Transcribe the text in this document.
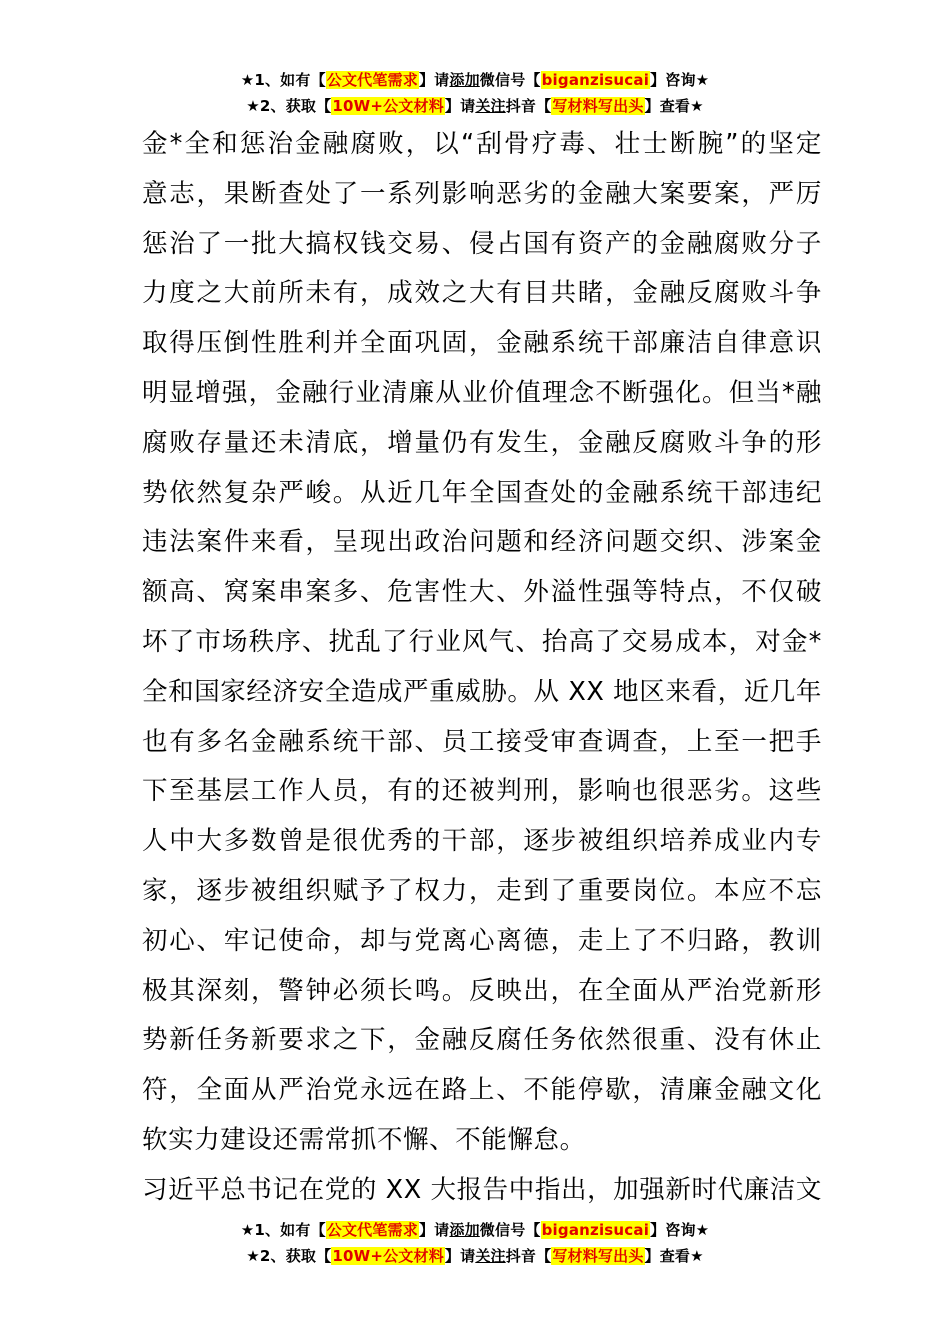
★1、如有【公文代笔需求】请添加微信号【biganzisucai】咨询★
★2、获取【10W+公文材料】请关注抖音【写材料写出头】查看★
金*全和惩治金融腐败，以“刮骨疗毒、壮士断腕”的坚定
意志，果断查处了一系列影响恶劣的金融大案要案，严厉
惩治了一批大搞权钱交易、侵占国有资产的金融腐败分子
力度之大前所未有，成效之大有目共睹，金融反腐败斗争
取得压倒性胜利并全面巩固，金融系统干部廉洁自律意识
明显增强，金融行业清廉从业价值理念不断强化。但当*融
腐败存量还未清底，增量仍有发生，金融反腐败斗争的形
势依然复杂严峻。从近几年全国查处的金融系统干部违纪
违法案件来看，呈现出政治问题和经济问题交织、涉案金
额高、窝案串案多、危害性大、外溢性强等特点，不仅破
坏了市场秩序、扰乱了行业风气、抬高了交易成本，对金*
全和国家经济安全造成严重威胁。从 XX 地区来看，近几年
也有多名金融系统干部、员工接受审查调查，上至一把手
下至基层工作人员，有的还被判刑，影响也很恶劣。这些
人中大多数曾是很优秀的干部，逐步被组织培养成业内专
家，逐步被组织赋予了权力，走到了重要岗位。本应不忘
初心、牢记使命，却与党离心离德，走上了不归路，教训
极其深刻，警钟必须长鸣。反映出，在全面从严治党新形
势新任务新要求之下，金融反腐任务依然很重、没有休止
符，全面从严治党永远在路上、不能停歇，清廉金融文化
软实力建设还需常抓不懈、不能懈怠。
习近平总书记在党的 XX 大报告中指出，加强新时代廉洁文
★1、如有【公文代笔需求】请添加微信号【biganzisucai】咨询★
★2、获取【10W+公文材料】请关注抖音【写材料写出头】查看★
